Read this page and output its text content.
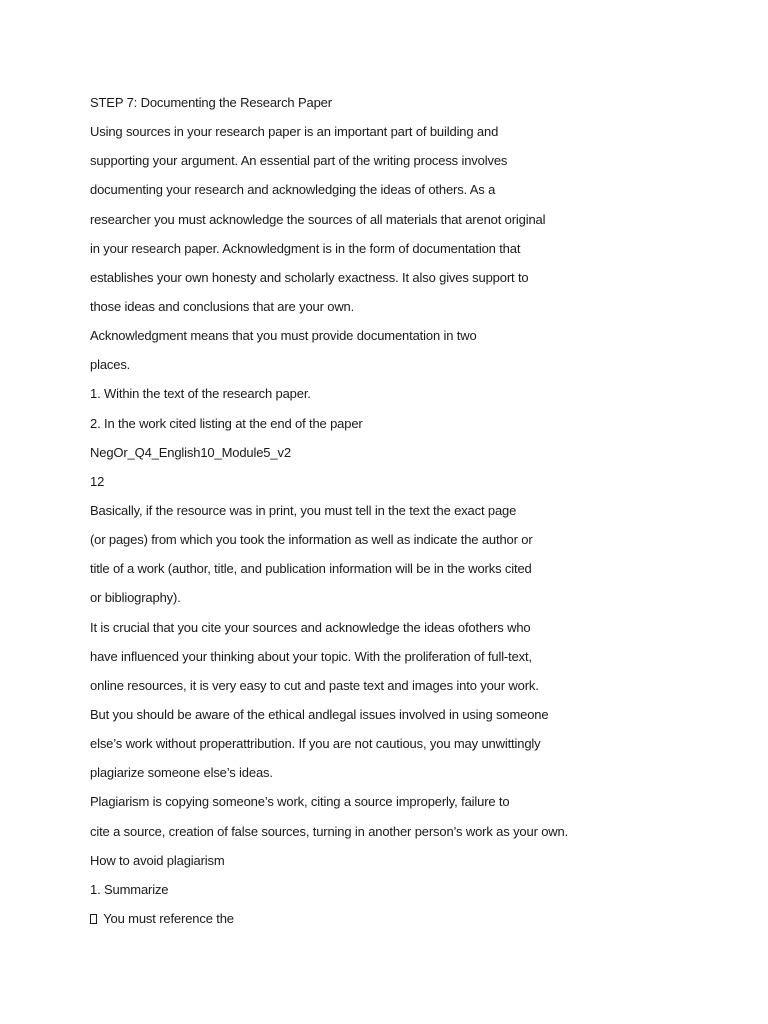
STEP 7: Documenting the Research Paper
Using sources in your research paper is an important part of building and
supporting your argument. An essential part of the writing process involves
documenting your research and acknowledging the ideas of others. As a
researcher you must acknowledge the sources of all materials that arenot original
in your research paper. Acknowledgment is in the form of documentation that
establishes your own honesty and scholarly exactness. It also gives support to
those ideas and conclusions that are your own.
Acknowledgment means that you must provide documentation in two
places.
1. Within the text of the research paper.
2. In the work cited listing at the end of the paper
NegOr_Q4_English10_Module5_v2
12
Basically, if the resource was in print, you must tell in the text the exact page
(or pages) from which you took the information as well as indicate the author or
title of a work (author, title, and publication information will be in the works cited
or bibliography).
It is crucial that you cite your sources and acknowledge the ideas ofothers who
have influenced your thinking about your topic. With the proliferation of full-text,
online resources, it is very easy to cut and paste text and images into your work.
But you should be aware of the ethical andlegal issues involved in using someone
else’s work without properattribution. If you are not cautious, you may unwittingly
plagiarize someone else’s ideas.
Plagiarism is copying someone’s work, citing a source improperly, failure to
cite a source, creation of false sources, turning in another person’s work as your own.
How to avoid plagiarism
1. Summarize
You must reference the
